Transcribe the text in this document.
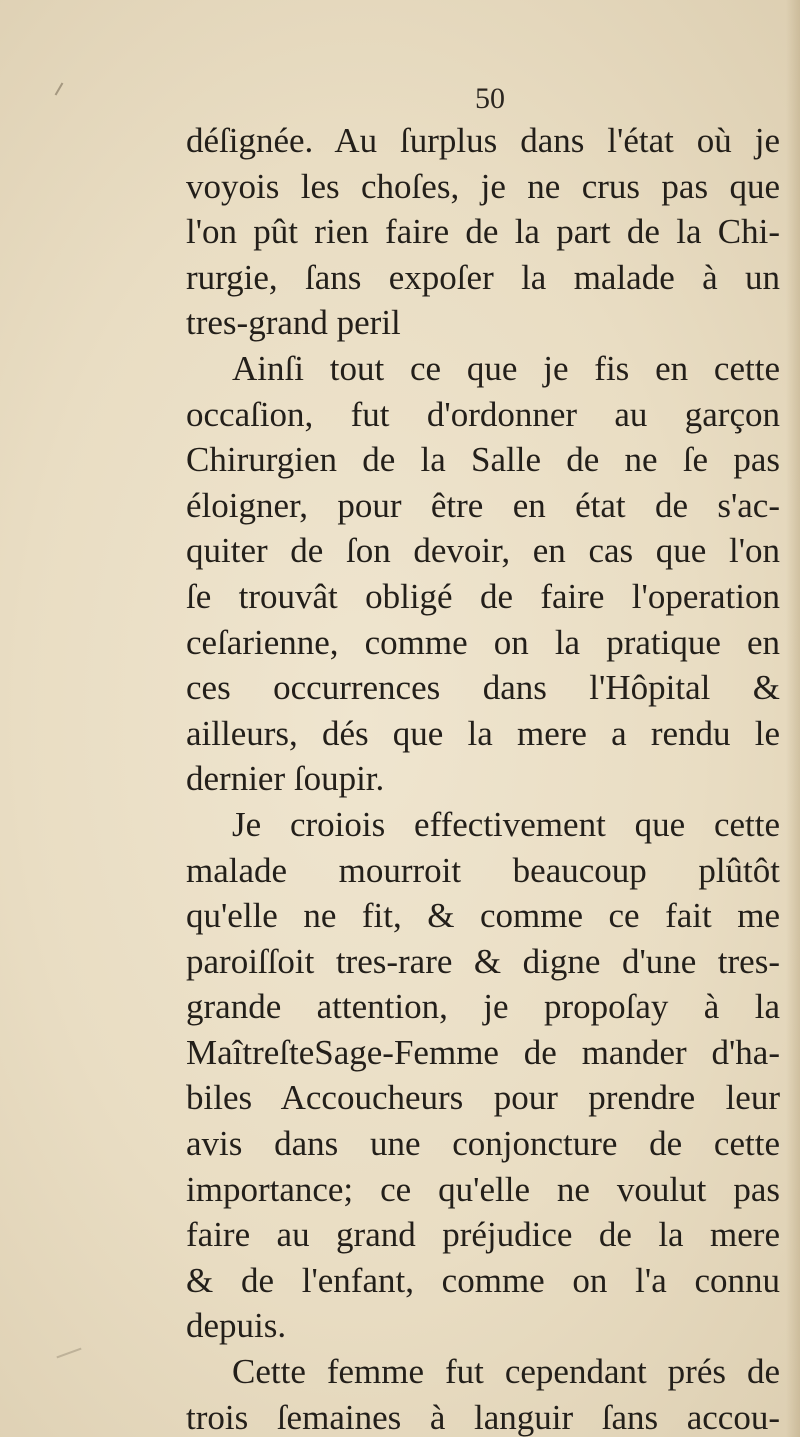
50
déſignée. Au ſurplus dans l'état où je
voyois les choſes, je ne crus pas que
l'on pût rien faire de la part de la Chi-
rurgie, ſans expoſer la malade à un
tres-grand peril
Ainſi tout ce que je fis en cette
occaſion, fut d'ordonner au garçon
Chirurgien de la Salle de ne ſe pas
éloigner, pour être en état de s'ac-
quiter de ſon devoir, en cas que l'on
ſe trouvât obligé de faire l'operation
ceſarienne, comme on la pratique en
ces occurrences dans l'Hôpital &
ailleurs, dés que la mere a rendu le
dernier ſoupir.
Je croiois effectivement que cette
malade mourroit beaucoup plûtôt
qu'elle ne fit, & comme ce fait me
paroiſſoit tres-rare & digne d'une tres-
grande attention, je propoſay à la
MaîtreſteSage-Femme de mander d'ha-
biles Accoucheurs pour prendre leur
avis dans une conjoncture de cette
importance; ce qu'elle ne voulut pas
faire au grand préjudice de la mere
& de l'enfant, comme on l'a connu
depuis.
Cette femme fut cependant prés de
trois ſemaines à languir ſans accou-
